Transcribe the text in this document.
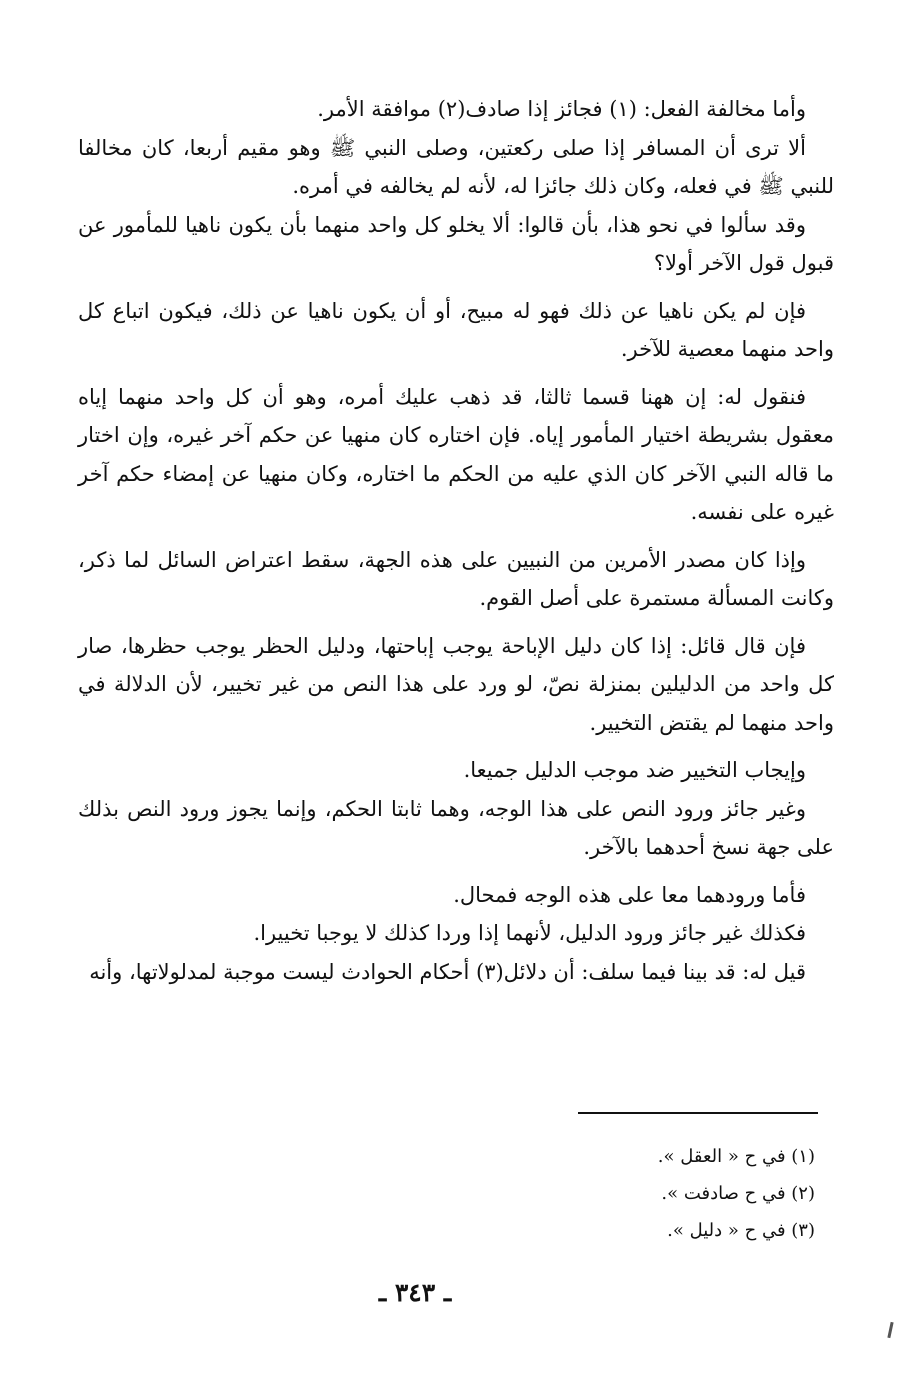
وأما مخالفة الفعل: (١) فجائز إذا صادف(٢) موافقة الأمر.

ألا ترى أن المسافر إذا صلى ركعتين، وصلى النبي ﷺ وهو مقيم أربعا، كان مخالفا للنبي ﷺ في فعله، وكان ذلك جائزا له، لأنه لم يخالفه في أمره.

وقد سألوا في نحو هذا، بأن قالوا: ألا يخلو كل واحد منهما بأن يكون ناهيا للمأمور عن قبول قول الآخر أولا؟

فإن لم يكن ناهيا عن ذلك فهو له مبيح، أو أن يكون ناهيا عن ذلك، فيكون اتباع كل واحد منهما معصية للآخر.

فنقول له: إن ههنا قسما ثالثا، قد ذهب عليك أمره، وهو أن كل واحد منهما إياه معقول بشريطة اختيار المأمور إياه. فإن اختاره كان منهيا عن حكم آخر غيره، وإن اختار ما قاله النبي الآخر كان الذي عليه من الحكم ما اختاره، وكان منهيا عن إمضاء حكم آخر غيره على نفسه.

وإذا كان مصدر الأمرين من النبيين على هذه الجهة، سقط اعتراض السائل لما ذكر، وكانت المسألة مستمرة على أصل القوم.

فإن قال قائل: إذا كان دليل الإباحة يوجب إباحتها، ودليل الحظر يوجب حظرها، صار كل واحد من الدليلين بمنزلة نصّ، لو ورد على هذا النص من غير تخيير، لأن الدلالة في واحد منهما لم يقتض التخيير.

وإيجاب التخيير ضد موجب الدليل جميعا.

وغير جائز ورود النص على هذا الوجه، وهما ثابتا الحكم، وإنما يجوز ورود النص بذلك على جهة نسخ أحدهما بالآخر.

فأما ورودهما معا على هذه الوجه فمحال.

فكذلك غير جائز ورود الدليل، لأنهما إذا وردا كذلك لا يوجبا تخييرا.

قيل له: قد بينا فيما سلف: أن دلائل(٣) أحكام الحوادث ليست موجبة لمدلولاتها، وأنه

(١) في ح « العقل ».

(٢) في ح صادفت ».

(٣) في ح « دليل ».

ـ ٣٤٣ ـ
